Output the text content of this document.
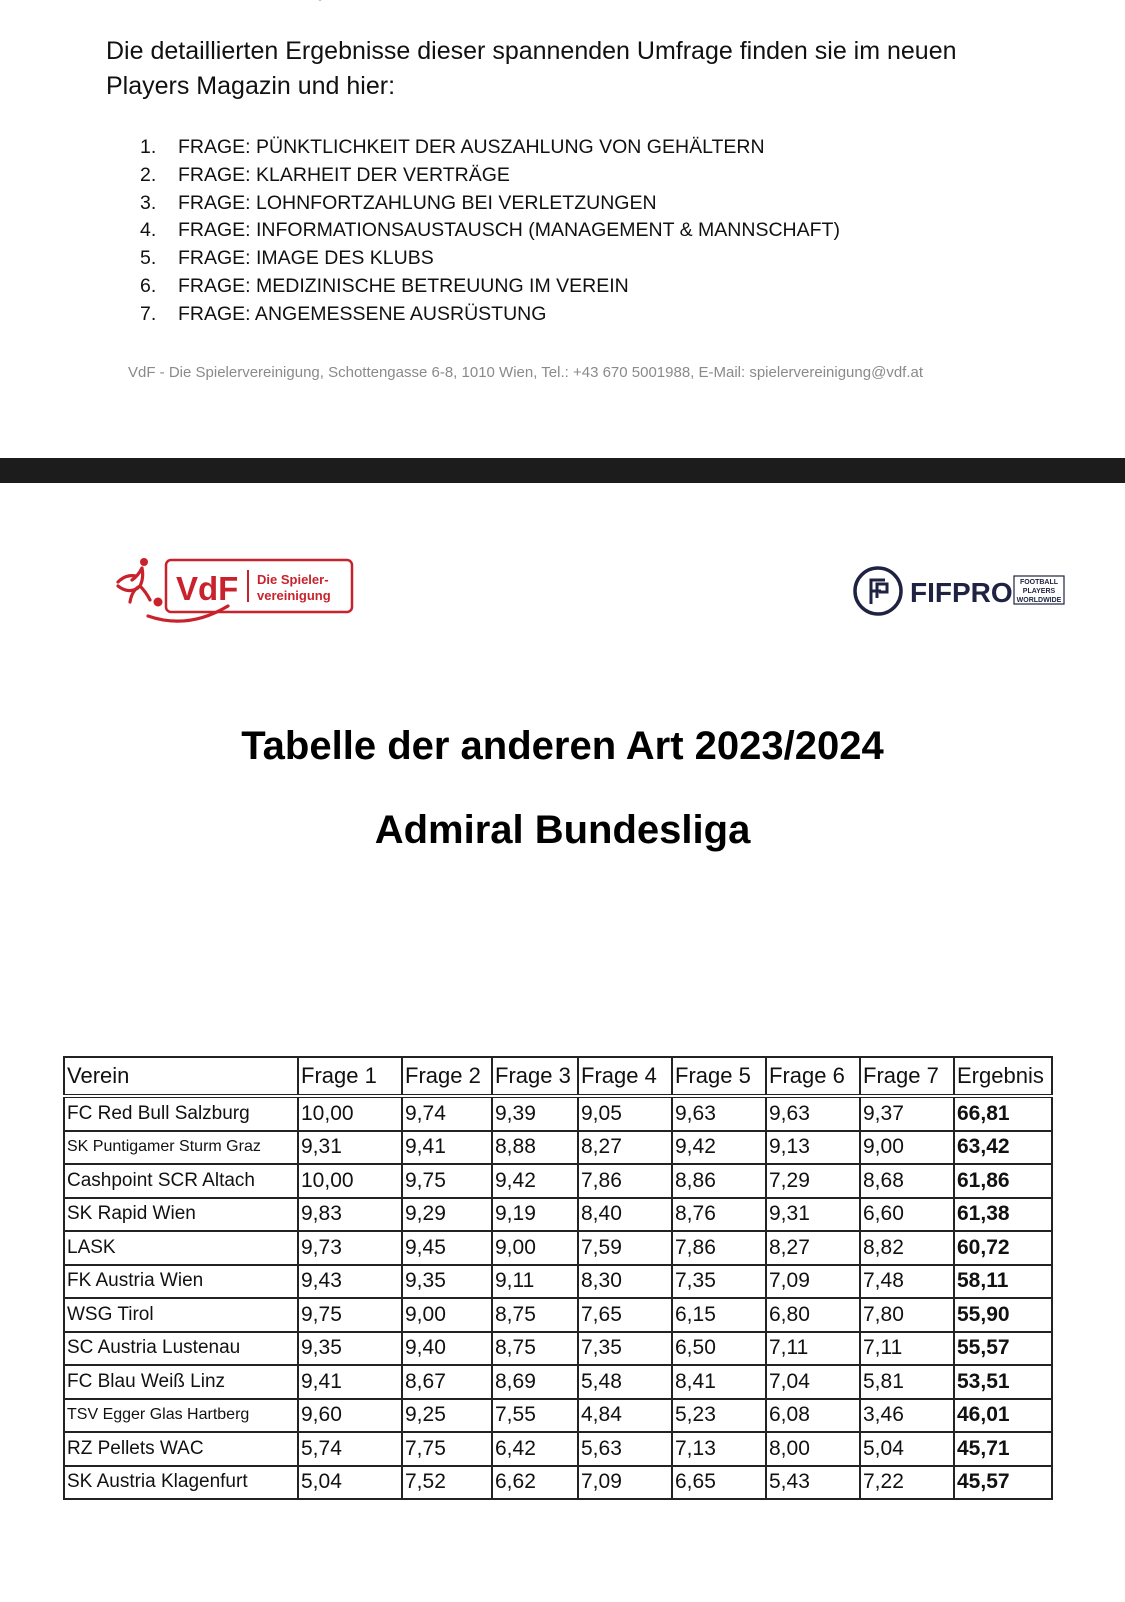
Die detaillierten Ergebnisse dieser spannenden Umfrage finden sie im neuen Players Magazin und hier:
1.	FRAGE: PÜNKTLICHKEIT DER AUSZAHLUNG VON GEHÄLTERN
2.	FRAGE: KLARHEIT DER VERTRÄGE
3.	FRAGE: LOHNFORTZAHLUNG BEI VERLETZUNGEN
4.	FRAGE: INFORMATIONSAUSTAUSCH (MANAGEMENT & MANNSCHAFT)
5.	FRAGE: IMAGE DES KLUBS
6.	FRAGE: MEDIZINISCHE BETREUUNG IM VEREIN
7.	FRAGE: ANGEMESSENE AUSRÜSTUNG
VdF - Die Spielervereinigung, Schottengasse 6-8, 1010 Wien, Tel.: +43 670 5001988, E-Mail: spielervereinigung@vdf.at
VdF Die Spieler-
vereinigung	FIFPRO FOOTBALL
PLAYERS
WORLDWIDE
Tabelle der anderen Art 2023/2024
Admiral Bundesliga
Verein	Frage 1	Frage 2	Frage 3	Frage 4	Frage 5	Frage 6	Frage 7	Ergebnis
FC Red Bull Salzburg	10,00	9,74	9,39	9,05	9,63	9,63	9,37	66,81
SK Puntigamer Sturm Graz	9,31	9,41	8,88	8,27	9,42	9,13	9,00	63,42
Cashpoint SCR Altach	10,00	9,75	9,42	7,86	8,86	7,29	8,68	61,86
SK Rapid Wien	9,83	9,29	9,19	8,40	8,76	9,31	6,60	61,38
LASK	9,73	9,45	9,00	7,59	7,86	8,27	8,82	60,72
FK Austria Wien	9,43	9,35	9,11	8,30	7,35	7,09	7,48	58,11
WSG Tirol	9,75	9,00	8,75	7,65	6,15	6,80	7,80	55,90
SC Austria Lustenau	9,35	9,40	8,75	7,35	6,50	7,11	7,11	55,57
FC Blau Weiß Linz	9,41	8,67	8,69	5,48	8,41	7,04	5,81	53,51
TSV Egger Glas Hartberg	9,60	9,25	7,55	4,84	5,23	6,08	3,46	46,01
RZ Pellets WAC	5,74	7,75	6,42	5,63	7,13	8,00	5,04	45,71
SK Austria Klagenfurt	5,04	7,52	6,62	7,09	6,65	5,43	7,22	45,57
